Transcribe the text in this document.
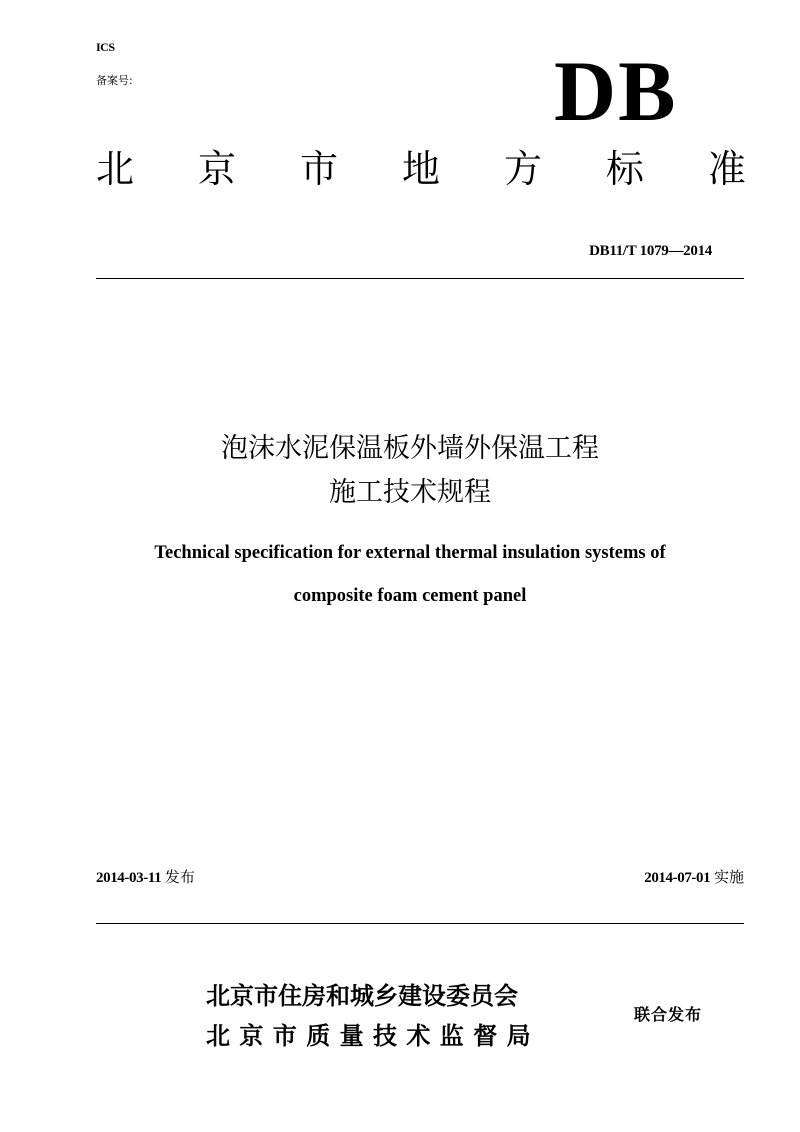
ICS
备案号:	DB
北 京 市 地 方 标 准
DB11/T 1079—2014
泡沫水泥保温板外墙外保温工程
施工技术规程
Technical specification for external thermal insulation systems of
composite foam cement panel
2014-03-11 发布	2014-07-01 实施
北京市住房和城乡建设委员会
北京市质量技术监督局
联合发布
